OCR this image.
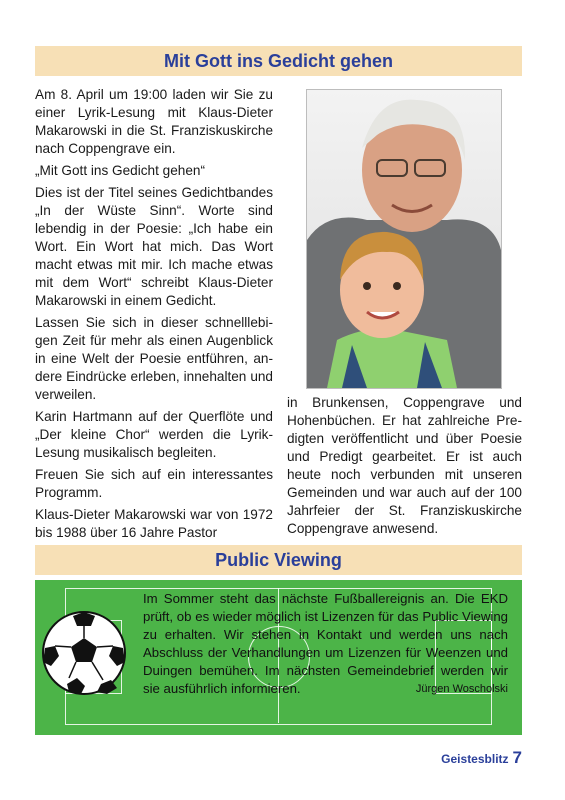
Mit Gott ins Gedicht gehen

Am 8. April um 19:00 laden wir Sie zu einer Lyrik-Lesung mit Klaus-Dieter Makarowski in die St. Franziskuskirche nach Coppengrave ein.

„Mit Gott ins Gedicht gehen“

Dies ist der Titel seines Gedichtbandes „In der Wüste Sinn“. Worte sind lebendig in der Poesie: „Ich habe ein Wort. Ein Wort hat mich. Das Wort macht etwas mit mir. Ich mache etwas mit dem Wort“ schreibt Klaus-Dieter Makarowski in einem Gedicht.

Lassen Sie sich in dieser schnelllebigen Zeit für mehr als einen Augenblick in eine Welt der Poesie entführen, andere Eindrücke erleben, innehalten und verweilen.

Karin Hartmann auf der Querflöte und „Der kleine Chor“ werden die Lyrik-Lesung musikalisch begleiten.

Freuen Sie sich auf ein interessantes Programm.

Klaus-Dieter Makarowski war von 1972 bis 1988 über 16 Jahre Pastor

in Brunkensen, Coppengrave und Hohenbüchen. Er hat zahlreiche Predigten veröffentlicht und über Poesie und Predigt gearbeitet. Er ist auch heute noch verbunden mit unseren Gemeinden und war auch auf der 100 Jahrfeier der St. Franziskuskirche Coppengrave anwesend.

Public Viewing
Im Sommer steht das nächste Fußballereignis an. Die EKD prüft, ob es wieder möglich ist Lizenzen für das Public Viewing zu erhalten. Wir stehen in Kontakt und werden uns nach Abschluss der Verhandlungen um Lizenzen für Weenzen und Duingen bemühen. Im nächsten Gemeindebrief werden wir sie ausführlich informieren.	Jürgen Woscholski
Geistesblitz 7
